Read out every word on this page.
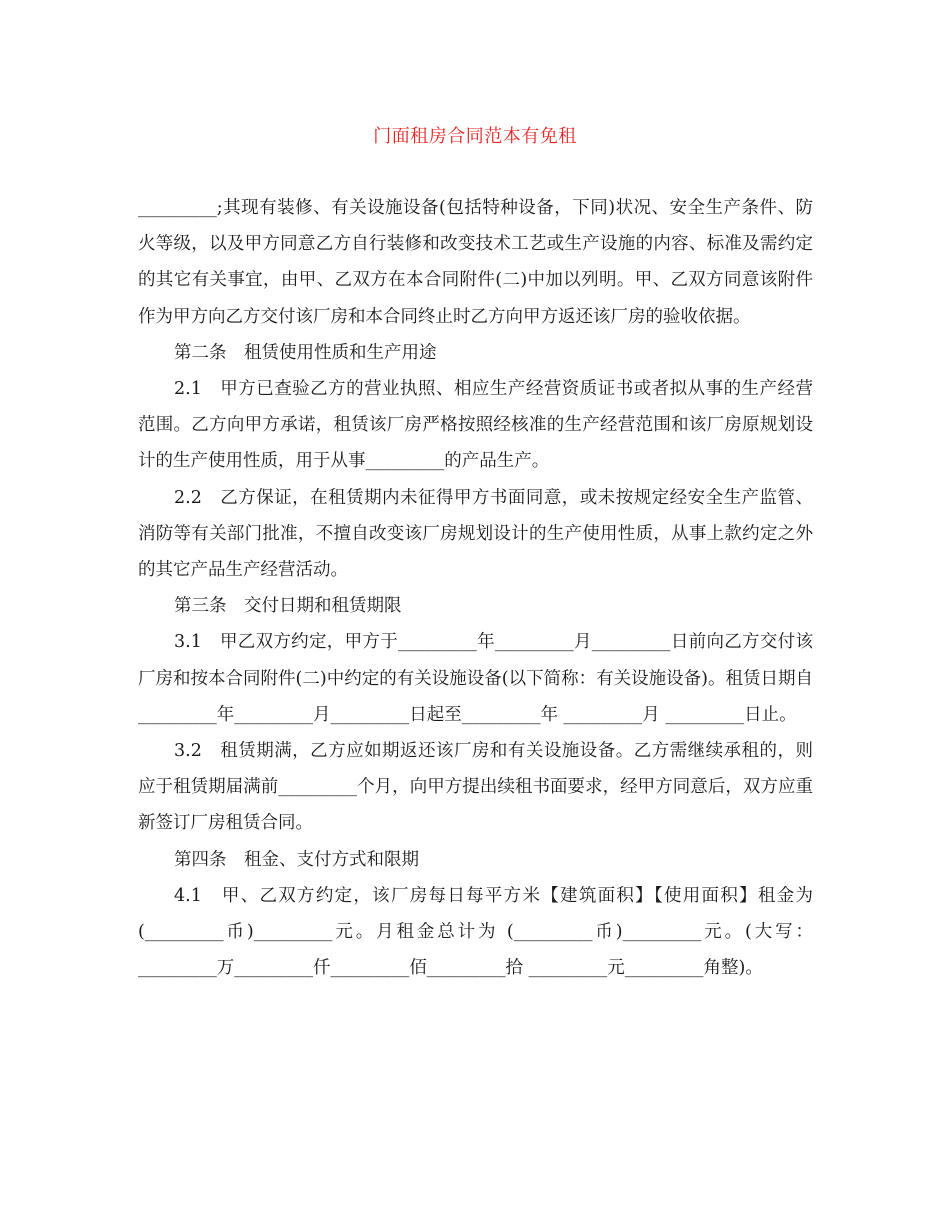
门面租房合同范本有免租

_________;其现有装修、有关设施设备(包括特种设备，下同)状况、安全生产条件、防火等级，以及甲方同意乙方自行装修和改变技术工艺或生产设施的内容、标准及需约定的其它有关事宜，由甲、乙双方在本合同附件(二)中加以列明。甲、乙双方同意该附件作为甲方向乙方交付该厂房和本合同终止时乙方向甲方返还该厂房的验收依据。

第二条　租赁使用性质和生产用途

2.1　甲方已查验乙方的营业执照、相应生产经营资质证书或者拟从事的生产经营范围。乙方向甲方承诺，租赁该厂房严格按照经核准的生产经营范围和该厂房原规划设计的生产使用性质，用于从事_________的产品生产。

2.2　乙方保证，在租赁期内未征得甲方书面同意，或未按规定经安全生产监管、消防等有关部门批准，不擅自改变该厂房规划设计的生产使用性质，从事上款约定之外的其它产品生产经营活动。

第三条　交付日期和租赁期限

3.1　甲乙双方约定，甲方于_________年_________月_________日前向乙方交付该厂房和按本合同附件(二)中约定的有关设施设备(以下简称：有关设施设备)。租赁日期自_________年_________月_________日起至_________年 _________月 _________日止。

3.2　租赁期满，乙方应如期返还该厂房和有关设施设备。乙方需继续承租的，则应于租赁期届满前_________个月，向甲方提出续租书面要求，经甲方同意后，双方应重新签订厂房租赁合同。

第四条　租金、支付方式和限期

4.1　甲、乙双方约定，该厂房每日每平方米【建筑面积】【使用面积】租金为(_________币)_________元。月租金总计为 (_________币)_________元。(大写：_________万_________仟_________佰_________拾 _________元_________角整)。
